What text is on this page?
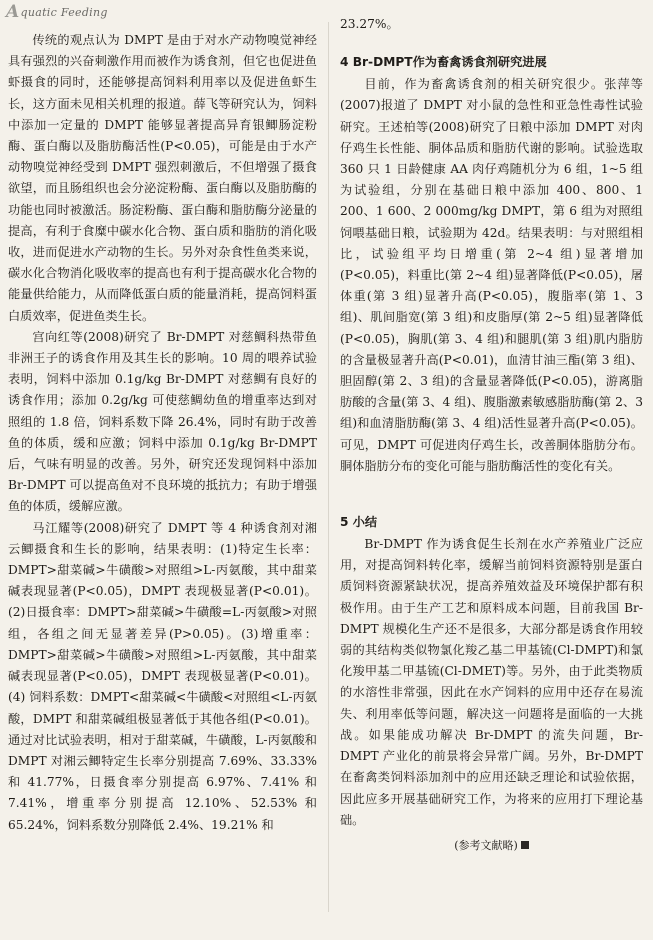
Aquatic Feeding

传统的观点认为 DMPT 是由于对水产动物嗅觉神经具有强烈的兴奋刺激作用而被作为诱食剂，但它也促进鱼虾摄食的同时，还能够提高饲料利用率以及促进鱼虾生长，这方面未见相关机理的报道。薛飞等研究认为，饲料中添加一定量的 DMPT 能够显著提高异育银鲫肠淀粉酶、蛋白酶以及脂肪酶活性(P<0.05)，可能是由于水产动物嗅觉神经受到 DMPT 强烈刺激后，不但增强了摄食欲望，而且肠组织也会分泌淀粉酶、蛋白酶以及脂肪酶的功能也同时被激活。肠淀粉酶、蛋白酶和脂肪酶分泌量的提高，有利于食糜中碳水化合物、蛋白质和脂肪的消化吸收，进而促进水产动物的生长。另外对杂食性鱼类来说，碳水化合物消化吸收率的提高也有利于提高碳水化合物的能量供给能力，从而降低蛋白质的能量消耗，提高饲料蛋白质效率，促进鱼类生长。

宫向红等(2008)研究了 Br-DMPT 对慈鲷科热带鱼非洲王子的诱食作用及其生长的影响。10 周的喂养试验表明，饲料中添加 0.1g/kg Br-DMPT 对慈鲷有良好的诱食作用；添加 0.2g/kg 可使慈鲷幼鱼的增重率达到对照组的 1.8 倍，饲料系数下降 26.4%，同时有助于改善鱼的体质，缓和应激；饲料中添加 0.1g/kg Br-DMPT 后，气味有明显的改善。另外，研究还发现饲料中添加 Br-DMPT 可以提高鱼对不良环境的抵抗力；有助于增强鱼的体质，缓解应激。

马江耀等(2008)研究了 DMPT 等 4 种诱食剂对湘云鲫摄食和生长的影响，结果表明：(1)特定生长率：DMPT>甜菜碱>牛磺酸>对照组>L-丙氨酸，其中甜菜碱表现显著(P<0.05)，DMPT 表现极显著(P<0.01)。(2)日摄食率：DMPT>甜菜碱>牛磺酸=L-丙氨酸>对照组，各组之间无显著差异(P>0.05)。(3)增重率：DMPT>甜菜碱>牛磺酸>对照组>L-丙氨酸，其中甜菜碱表现显著(P<0.05)，DMPT 表现极显著(P<0.01)。(4) 饲料系数：DMPT<甜菜碱<牛磺酸<对照组<L-丙氨酸，DMPT 和甜菜碱组极显著低于其他各组(P<0.01)。通过对比试验表明，相对于甜菜碱，牛磺酸，L-丙氨酸和 DMPT 对湘云鲫特定生长率分别提高 7.69%、33.33% 和 41.77%，日摄食率分别提高 6.97%、7.41% 和 7.41%，增重率分别提高 12.10%、52.53% 和 65.24%，饲料系数分别降低 2.4%、19.21% 和

23.27%。

4 Br-DMPT作为畜禽诱食剂研究进展

目前，作为畜禽诱食剂的相关研究很少。张萍等(2007)报道了 DMPT 对小鼠的急性和亚急性毒性试验研究。王述柏等(2008)研究了日粮中添加 DMPT 对肉仔鸡生长性能、胴体品质和脂肪代谢的影响。试验选取 360 只 1 日龄健康 AA 肉仔鸡随机分为 6 组，1~5 组为试验组，分别在基础日粮中添加 400、800、1 200、1 600、2 000mg/kg DMPT，第 6 组为对照组饲喂基础日粮，试验期为 42d。结果表明：与对照组相比，试验组平均日增重(第 2~4 组)显著增加(P<0.05)，料重比(第 2~4 组)显著降低(P<0.05)，屠体重(第 3 组)显著升高(P<0.05)，腹脂率(第 1、3 组)、肌间脂宽(第 3 组)和皮脂厚(第 2~5 组)显著降低(P<0.05)，胸肌(第 3、4 组)和腿肌(第 3 组)肌内脂肪的含量极显著升高(P<0.01)，血清甘油三酯(第 3 组)、胆固醇(第 2、3 组)的含量显著降低(P<0.05)，游离脂肪酸的含量(第 3、4 组)、腹脂激素敏感脂肪酶(第 2、3 组)和血清脂肪酶(第 3、4 组)活性显著升高(P<0.05)。可见，DMPT 可促进肉仔鸡生长，改善胴体脂肪分布。胴体脂肪分布的变化可能与脂肪酶活性的变化有关。

5 小结

Br-DMPT 作为诱食促生长剂在水产养殖业广泛应用，对提高饲料转化率，缓解当前饲料资源特别是蛋白质饲料资源紧缺状况，提高养殖效益及环境保护都有积极作用。由于生产工艺和原料成本问题，目前我国 Br-DMPT 规模化生产还不是很多，大部分都是诱食作用较弱的其结构类似物氯化羧乙基二甲基锍(Cl-DMPT)和氯化羧甲基二甲基锍(Cl-DMET)等。另外，由于此类物质的水溶性非常强，因此在水产饲料的应用中还存在易流失、利用率低等问题，解决这一问题将是面临的一大挑战。如果能成功解决 Br-DMPT 的流失问题，Br-DMPT 产业化的前景将会异常广阔。另外，Br-DMPT 在畜禽类饲料添加剂中的应用还缺乏理论和试验依据，因此应多开展基础研究工作，为将来的应用打下理论基础。

(参考文献略)
